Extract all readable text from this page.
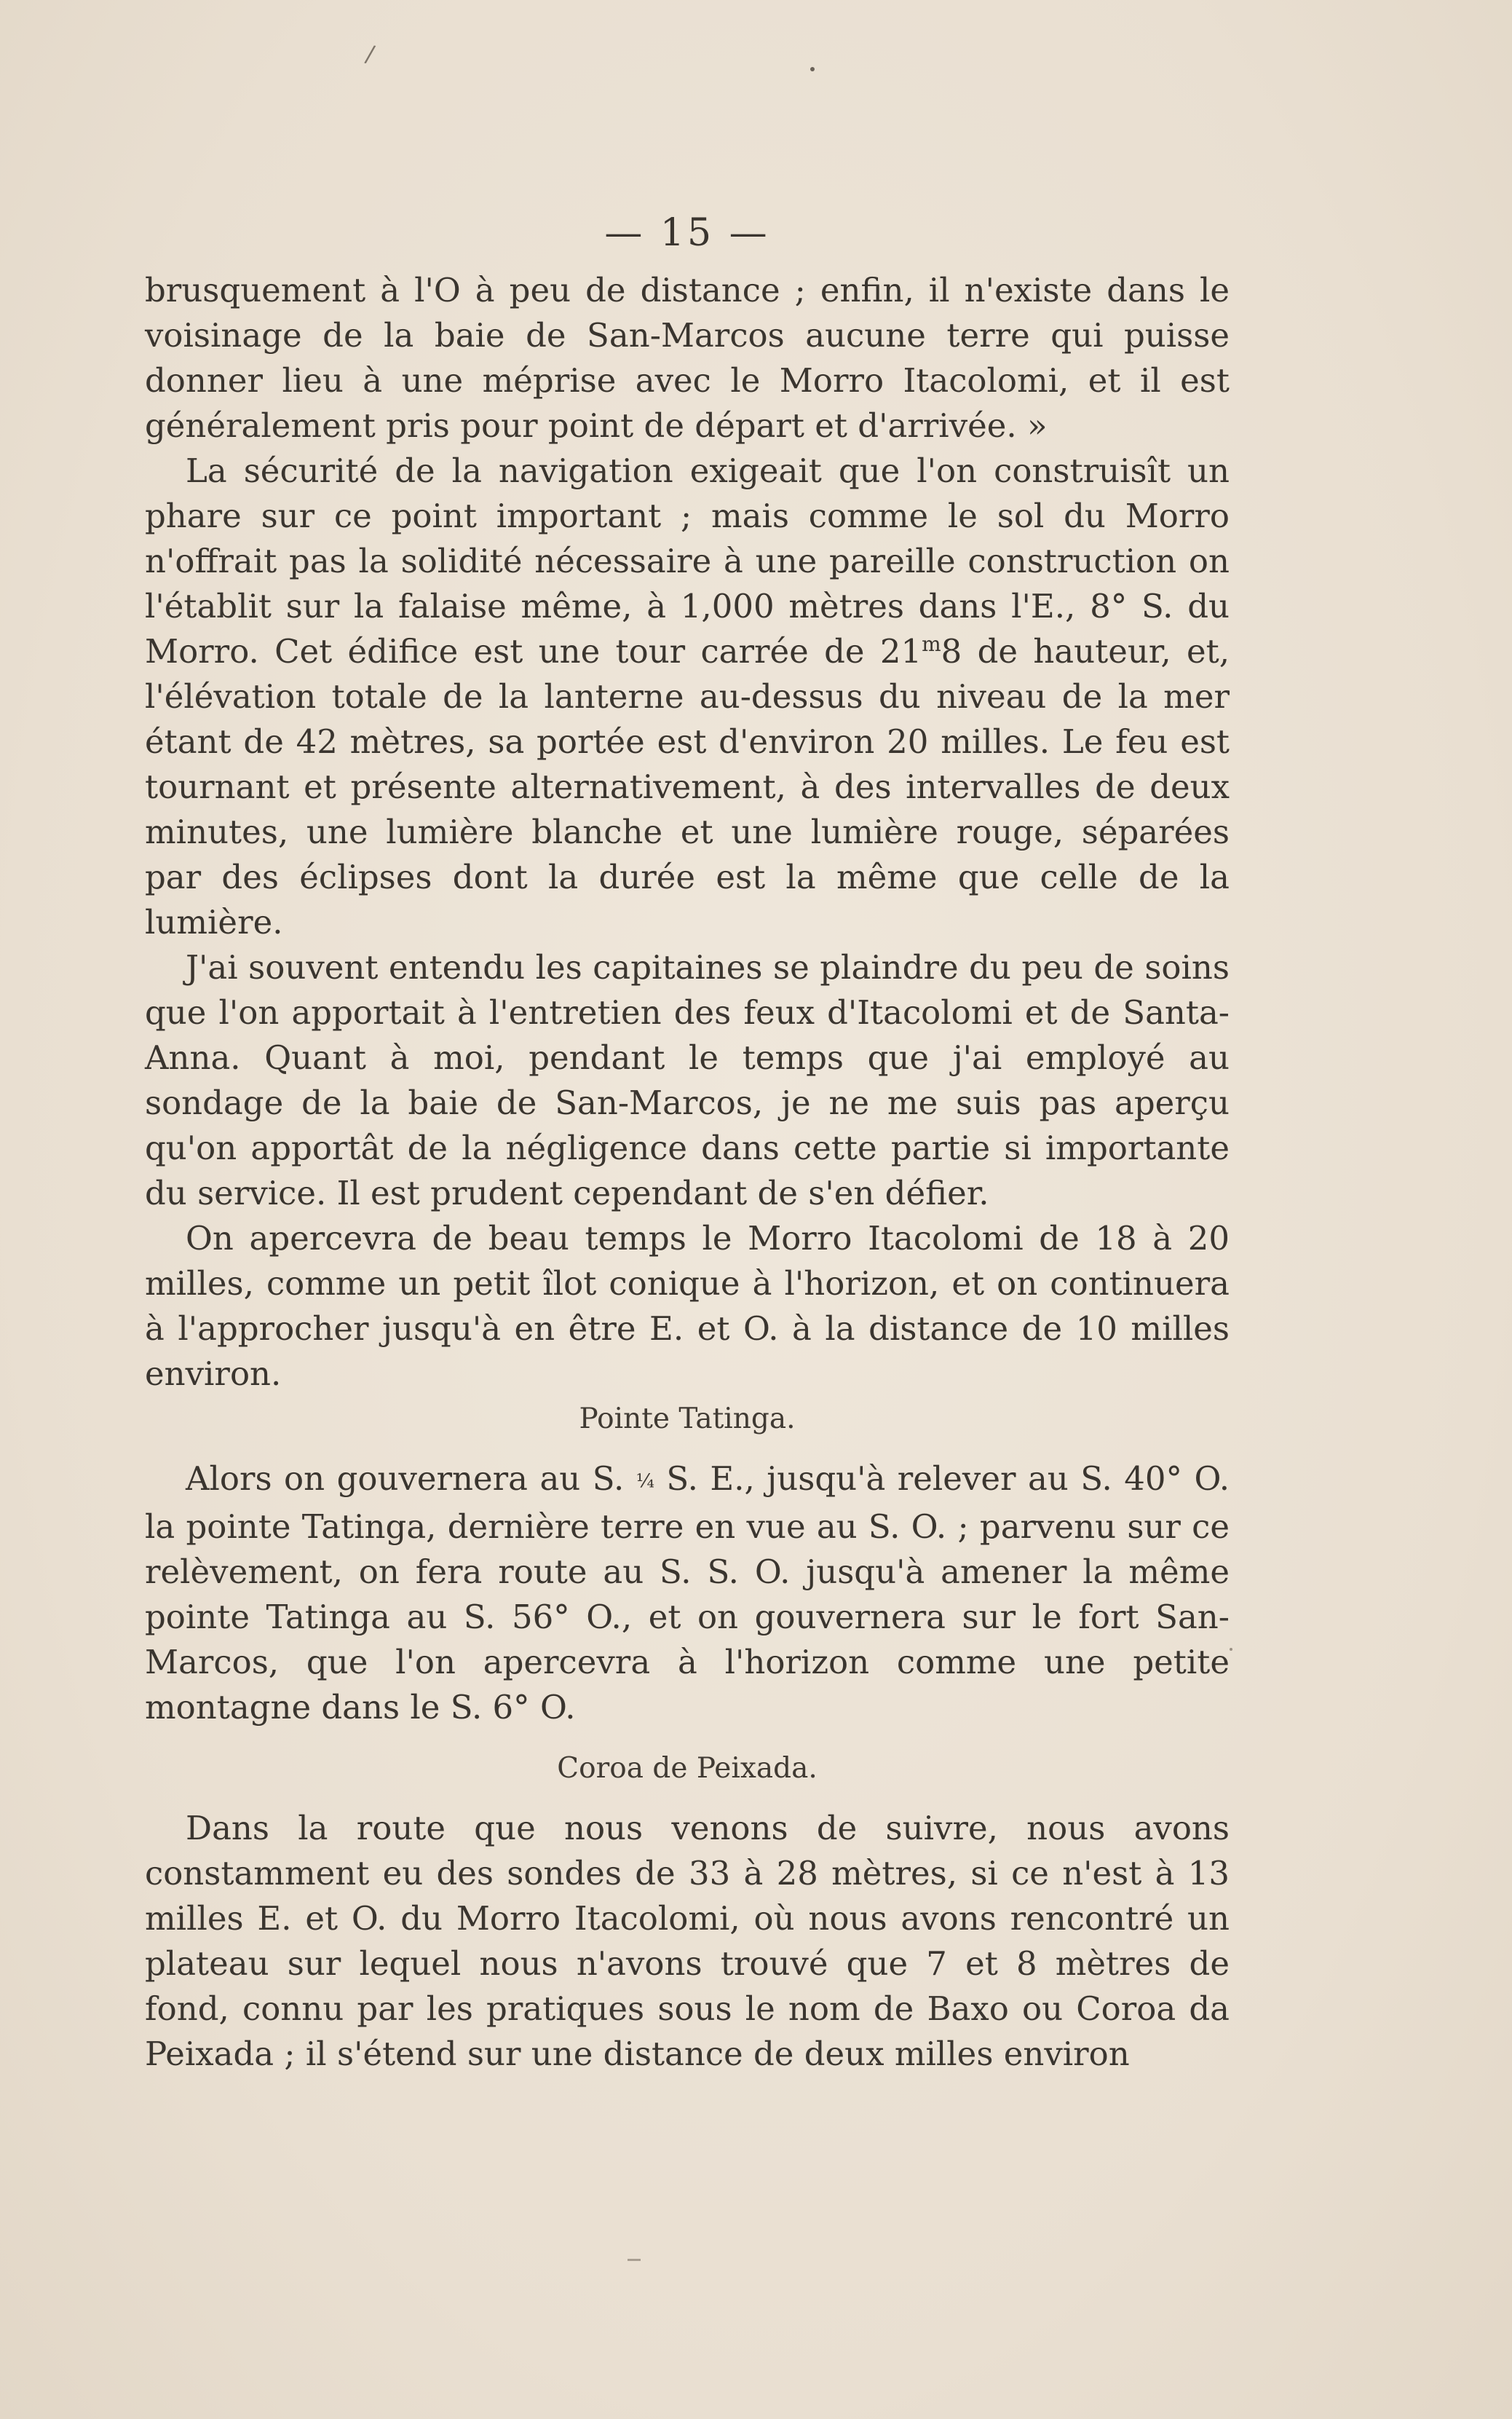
/
— 15 —

brusquement à l'O à peu de distance ; enfin, il n'existe dans le voisinage de la baie de San-Marcos aucune terre qui puisse donner lieu à une méprise avec le Morro Itacolomi, et il est généralement pris pour point de départ et d'arrivée. »

La sécurité de la navigation exigeait que l'on construisît un phare sur ce point important ; mais comme le sol du Morro n'offrait pas la solidité nécessaire à une pareille construction on l'établit sur la falaise même, à 1,000 mètres dans l'E., 8° S. du Morro. Cet édifice est une tour carrée de 21$^m$8 de hauteur, et, l'élévation totale de la lanterne au-dessus du niveau de la mer étant de 42 mètres, sa portée est d'environ 20 milles. Le feu est tournant et présente alternativement, à des intervalles de deux minutes, une lumière blanche et une lumière rouge, séparées par des éclipses dont la durée est la même que celle de la lumière.

J'ai souvent entendu les capitaines se plaindre du peu de soins que l'on apportait à l'entretien des feux d'Itacolomi et de Santa-Anna. Quant à moi, pendant le temps que j'ai employé au sondage de la baie de San-Marcos, je ne me suis pas aperçu qu'on apportât de la négligence dans cette partie si importante du service. Il est prudent cependant de s'en défier.

On apercevra de beau temps le Morro Itacolomi de 18 à 20 milles, comme un petit îlot conique à l'horizon, et on continuera à l'approcher jusqu'à en être E. et O. à la distance de 10 milles environ.

Pointe Tatinga.

Alors on gouvernera au S. ¼ S. E., jusqu'à relever au S. 40° O. la pointe Tatinga, dernière terre en vue au S. O. ; parvenu sur ce relèvement, on fera route au S. S. O. jusqu'à amener la même pointe Tatinga au S. 56° O., et on gouvernera sur le fort San-Marcos, que l'on apercevra à l'horizon comme une petite montagne dans le S. 6° O.

Coroa de Peixada.

Dans la route que nous venons de suivre, nous avons constamment eu des sondes de 33 à 28 mètres, si ce n'est à 13 milles E. et O. du Morro Itacolomi, où nous avons rencontré un plateau sur lequel nous n'avons trouvé que 7 et 8 mètres de fond, connu par les pratiques sous le nom de Baxo ou Coroa da Peixada ; il s'étend sur une distance de deux milles environ
